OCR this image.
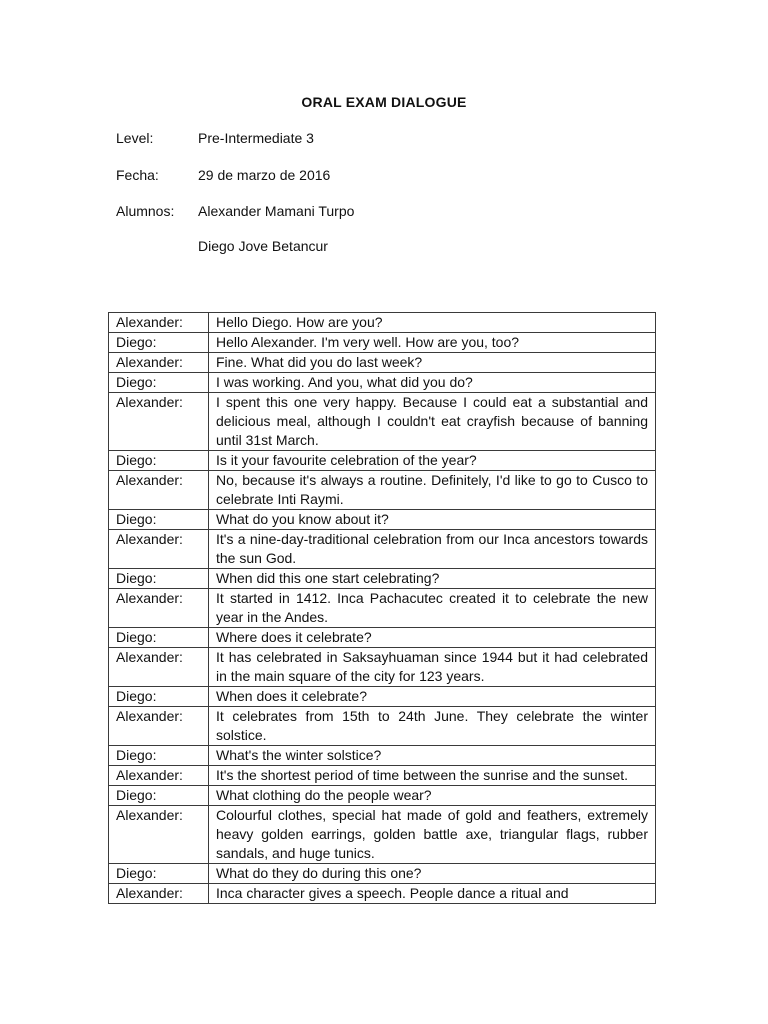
ORAL EXAM DIALOGUE
Level:	Pre-Intermediate 3
Fecha:	29 de marzo de 2016
Alumnos: Alexander Mamani Turpo
Diego Jove Betancur
Alexander:	Hello Diego. How are you?
Diego:	Hello Alexander. I'm very well. How are you, too?
Alexander:	Fine. What did you do last week?
Diego:	I was working. And you, what did you do?
Alexander:	I spent this one very happy. Because I could eat a substantial and delicious meal, although I couldn't eat crayfish because of banning until 31st March.
Diego:	Is it your favourite celebration of the year?
Alexander:	No, because it's always a routine. Definitely, I'd like to go to Cusco to celebrate Inti Raymi.
Diego:	What do you know about it?
Alexander:	It's a nine-day-traditional celebration from our Inca ancestors towards the sun God.
Diego:	When did this one start celebrating?
Alexander:	It started in 1412. Inca Pachacutec created it to celebrate the new year in the Andes.
Diego:	Where does it celebrate?
Alexander:	It has celebrated in Saksayhuaman since 1944 but it had celebrated in the main square of the city for 123 years.
Diego:	When does it celebrate?
Alexander:	It celebrates from 15th to 24th June. They celebrate the winter solstice.
Diego:	What's the winter solstice?
Alexander:	It's the shortest period of time between the sunrise and the sunset.
Diego:	What clothing do the people wear?
Alexander:	Colourful clothes, special hat made of gold and feathers, extremely heavy golden earrings, golden battle axe, triangular flags, rubber sandals, and huge tunics.
Diego:	What do they do during this one?
Alexander:	Inca character gives a speech. People dance a ritual and
